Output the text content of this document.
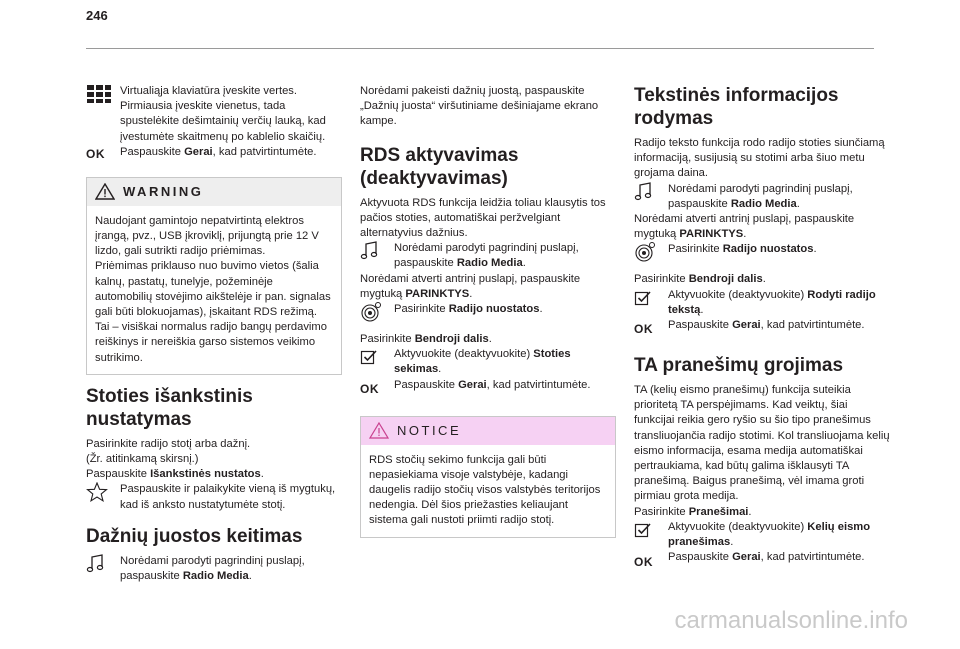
246

Virtualiąja klaviatūra įveskite vertes. Pirmiausia įveskite vienetus, tada spustelėkite dešimtainių verčių lauką, kad įvestumėte skaitmenų po kablelio skaičių.

OK	Paspauskite Gerai, kad patvirtintumėte.

WARNING
Naudojant gamintojo nepatvirtintą elektros įrangą, pvz., USB įkroviklį, prijungtą prie 12 V lizdo, gali sutrikti radijo priėmimas.
Priėmimas priklauso nuo buvimo vietos (šalia kalnų, pastatų, tunelyje, požeminėje automobilių stovėjimo aikštelėje ir pan. signalas gali būti blokuojamas), įskaitant RDS režimą. Tai – visiškai normalus radijo bangų perdavimo reiškinys ir nereiškia garso sistemos veikimo sutrikimo.
Stoties išankstinis nustatymas

Pasirinkite radijo stotį arba dažnį.
(Žr. atitinkamą skirsnį.)

Paspauskite Išankstinės nustatos.

Paspauskite ir palaikykite vieną iš mygtukų, kad iš anksto nustatytumėte stotį.

Dažnių juostos keitimas

Norėdami parodyti pagrindinį puslapį, paspauskite Radio Media.

Norėdami pakeisti dažnių juostą, paspauskite „Dažnių juosta“ viršutiniame dešiniajame ekrano kampe.

RDS aktyvavimas (deaktyvavimas)

Aktyvuota RDS funkcija leidžia toliau klausytis tos pačios stoties, automatiškai peržvelgiant alternatyvius dažnius.

Norėdami parodyti pagrindinį puslapį, paspauskite Radio Media.

Norėdami atverti antrinį puslapį, paspauskite mygtuką PARINKTYS.

Pasirinkite Radijo nuostatos.

Pasirinkite Bendroji dalis.

Aktyvuokite (deaktyvuokite) Stoties sekimas.

OK	Paspauskite Gerai, kad patvirtintumėte.

NOTICE
RDS stočių sekimo funkcija gali būti nepasiekiama visoje valstybėje, kadangi daugelis radijo stočių visos valstybės teritorijos nedengia. Dėl šios priežasties keliaujant sistema gali nustoti priimti radijo stotį.
Tekstinės informacijos rodymas

Radijo teksto funkcija rodo radijo stoties siunčiamą informaciją, susijusią su stotimi arba šiuo metu grojama daina.

Norėdami parodyti pagrindinį puslapį, paspauskite Radio Media.

Norėdami atverti antrinį puslapį, paspauskite mygtuką PARINKTYS.

Pasirinkite Radijo nuostatos.

Pasirinkite Bendroji dalis.

Aktyvuokite (deaktyvuokite) Rodyti radijo tekstą.

OK	Paspauskite Gerai, kad patvirtintumėte.

TA pranešimų grojimas

TA (kelių eismo pranešimų) funkcija suteikia prioritetą TA perspėjimams. Kad veiktų, šiai funkcijai reikia gero ryšio su šio tipo pranešimus transliuojančia radijo stotimi. Kol transliuojama kelių eismo informacija, esama medija automatiškai pertraukiama, kad būtų galima išklausyti TA pranešimą. Baigus pranešimą, vėl imama groti pirmiau grota medija.

Pasirinkite Pranešimai.

Aktyvuokite (deaktyvuokite) Kelių eismo pranešimas.

OK	Paspauskite Gerai, kad patvirtintumėte.

carmanualsonline.info
